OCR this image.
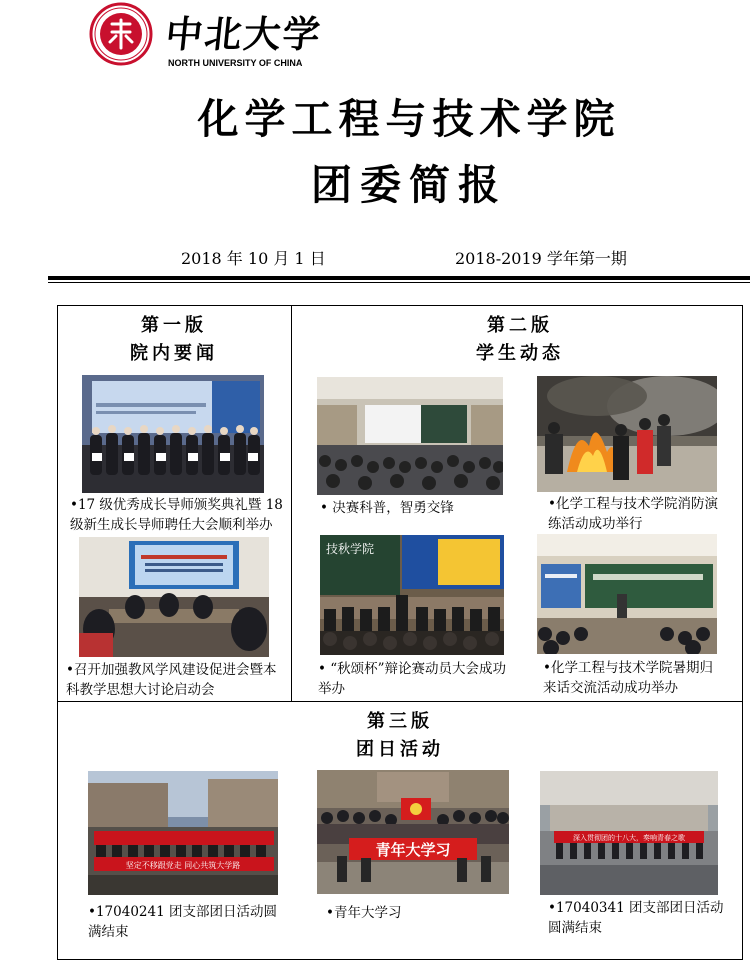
中北大学
NORTH UNIVERSITY OF CHINA
化学工程与技术学院
团委简报
2018 年 10 月 1 日	2018-2019 学年第一期
第一版
院内要闻
•17 级优秀成长导师颁奖典礼暨 18 级新生成长导师聘任大会顺利举办
•召开加强教风学风建设促进会暨本科教学思想大讨论启动会
第二版
学生动态
• 决赛科普，智勇交锋	•化学工程与技术学院消防演练活动成功举行
技秋学院
• “秋颂杯”辩论赛动员大会成功举办
•化学工程与技术学院暑期归来话交流活动成功举办
第三版
团日活动
坚定不移跟党走 同心共筑大学路
•17040241 团支部团日活动圆满结束
青年大学习
•青年大学习
深入贯彻团的十八大，奏响青春之歌
•17040341 团支部团日活动圆满结束
